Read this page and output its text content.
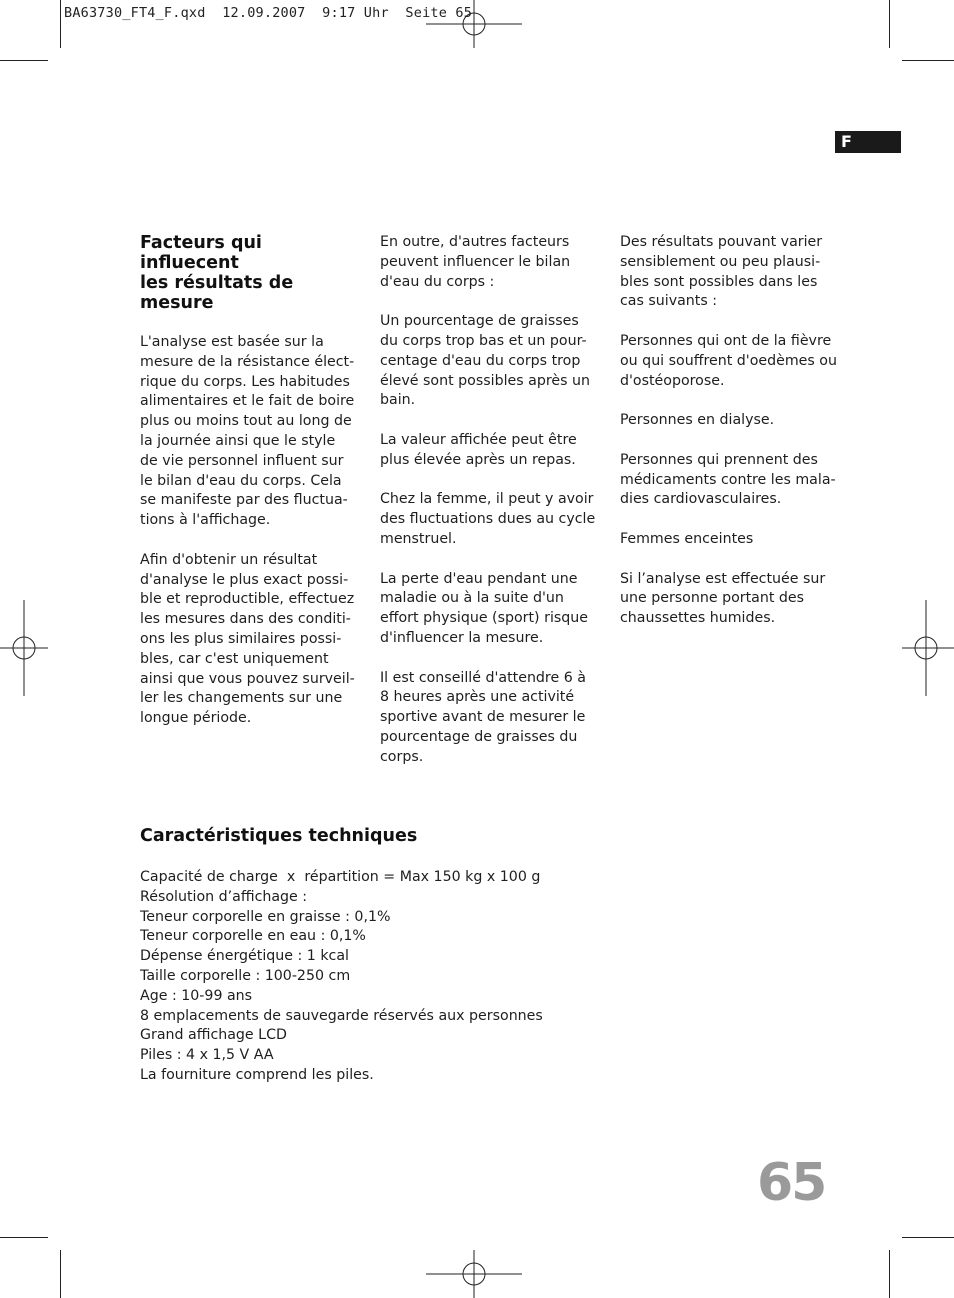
BA63730_FT4_F.qxd  12.09.2007  9:17 Uhr  Seite 65
F
Facteurs qui influecent
les résultats de mesure

L'analyse est basée sur la
mesure de la résistance élect-
rique du corps. Les habitudes
alimentaires et le fait de boire
plus ou moins tout au long de
la journée ainsi que le style
de vie personnel influent sur
le bilan d'eau du corps. Cela
se manifeste par des fluctua-
tions à l'affichage.

Afin d'obtenir un résultat
d'analyse le plus exact possi-
ble et reproductible, effectuez
les mesures dans des conditi-
ons les plus similaires possi-
bles, car c'est uniquement
ainsi que vous pouvez surveil-
ler les changements sur une
longue période.

En outre, d'autres facteurs
peuvent influencer le bilan
d'eau du corps :

Un pourcentage de graisses
du corps trop bas et un pour-
centage d'eau du corps trop
élevé sont possibles après un
bain.

La valeur affichée peut être
plus élevée après un repas.

Chez la femme, il peut y avoir
des fluctuations dues au cycle
menstruel.

La perte d'eau pendant une
maladie ou à la suite d'un
effort physique (sport) risque
d'influencer la mesure.

Il est conseillé d'attendre 6 à
8 heures après une activité
sportive avant de mesurer le
pourcentage de graisses du
corps.

Des résultats pouvant varier
sensiblement ou peu plausi-
bles sont possibles dans les
cas suivants :

Personnes qui ont de la fièvre
ou qui souffrent d'oedèmes ou
d'ostéoporose.

Personnes en dialyse.

Personnes qui prennent des
médicaments contre les mala-
dies cardiovasculaires.

Femmes enceintes

Si l’analyse est effectuée sur
une personne portant des
chaussettes humides.

Caractéristiques techniques
Capacité de charge  x  répartition = Max 150 kg x 100 g
Résolution d’affichage :
Teneur corporelle en graisse : 0,1%
Teneur corporelle en eau : 0,1%
Dépense énergétique : 1 kcal
Taille corporelle : 100-250 cm
Age : 10-99 ans
8 emplacements de sauvegarde réservés aux personnes
Grand affichage LCD
Piles : 4 x 1,5 V AA
La fourniture comprend les piles.
65
